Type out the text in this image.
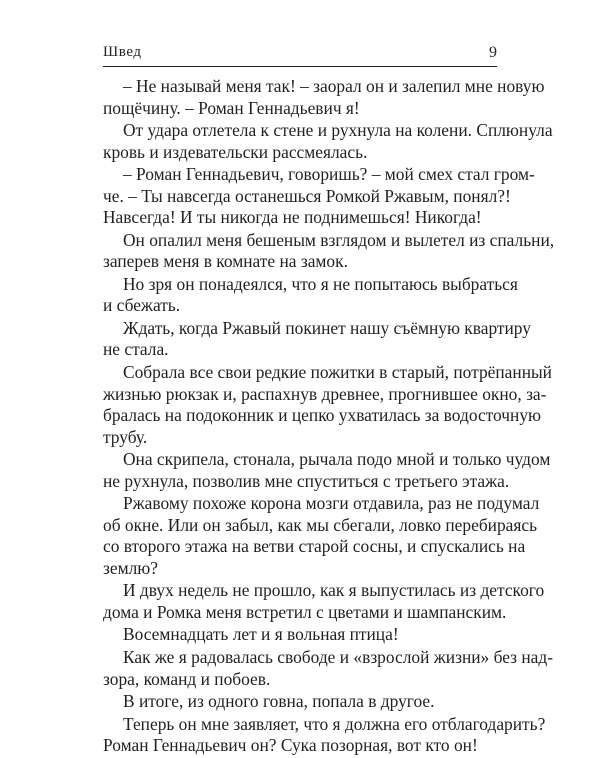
Швед	9

– Не называй меня так! – заорал он и залепил мне новую
пощёчину. – Роман Геннадьевич я!

От удара отлетела к стене и рухнула на колени. Сплюнула
кровь и издевательски рассмеялась.

– Роман Геннадьевич, говоришь? – мой смех стал гром-
че. – Ты навсегда останешься Ромкой Ржавым, понял?!
Навсегда! И ты никогда не поднимешься! Никогда!

Он опалил меня бешеным взглядом и вылетел из спальни,
заперев меня в комнате на замок.

Но зря он понадеялся, что я не попытаюсь выбраться
и сбежать.

Ждать, когда Ржавый покинет нашу съёмную квартиру
не стала.

Собрала все свои редкие пожитки в старый, потрёпанный
жизнью рюкзак и, распахнув древнее, прогнившее окно, за-
бралась на подоконник и цепко ухватилась за водосточную
трубу.

Она скрипела, стонала, рычала подо мной и только чудом
не рухнула, позволив мне спуститься с третьего этажа.

Ржавому похоже корона мозги отдавила, раз не подумал
об окне. Или он забыл, как мы сбегали, ловко перебираясь
со второго этажа на ветви старой сосны, и спускались на
землю?

И двух недель не прошло, как я выпустилась из детского
дома и Ромка меня встретил с цветами и шампанским.

Восемнадцать лет и я вольная птица!

Как же я радовалась свободе и «взрослой жизни» без над-
зора, команд и побоев.

В итоге, из одного говна, попала в другое.

Теперь он мне заявляет, что я должна его отблагодарить?
Роман Геннадьевич он? Сука позорная, вот кто он!
